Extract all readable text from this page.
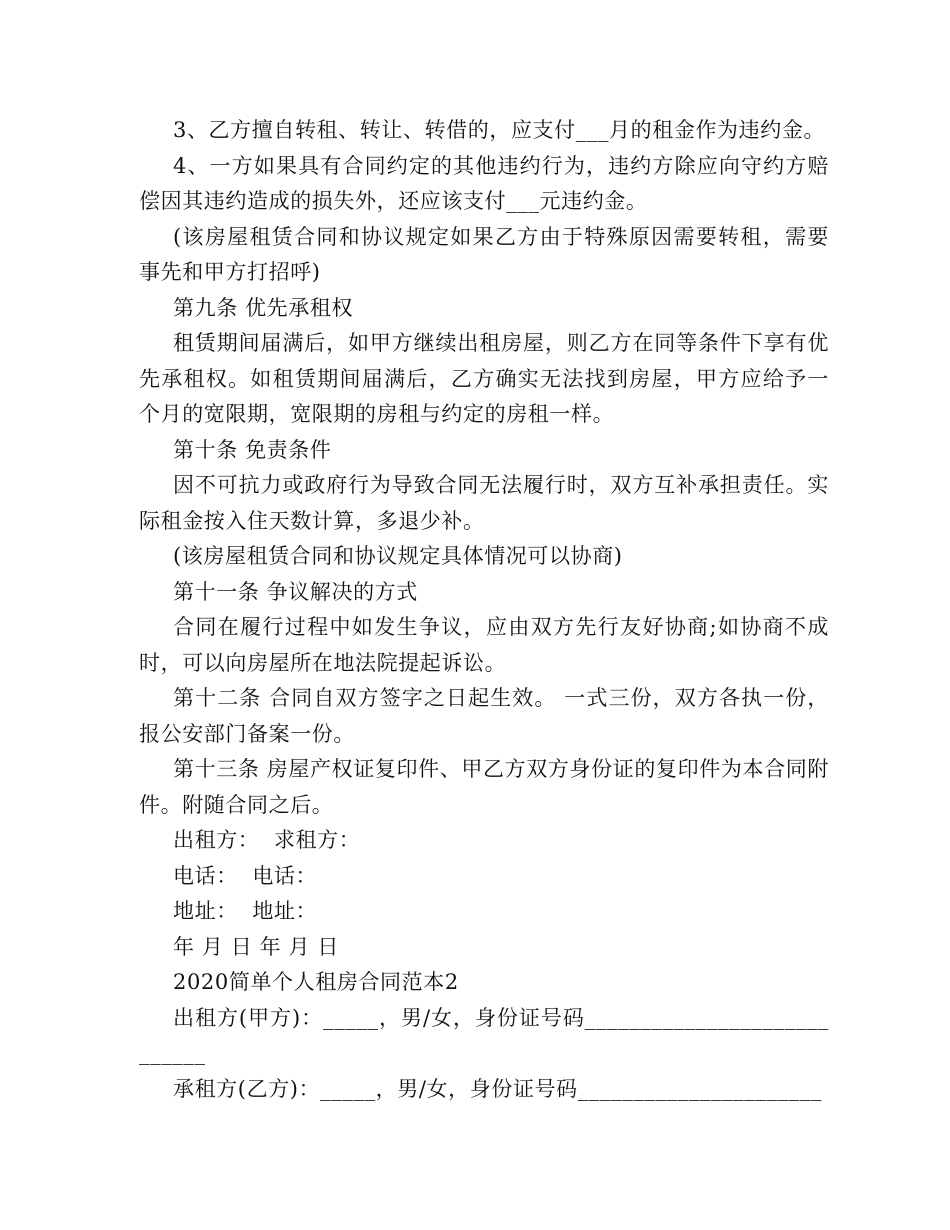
3、乙方擅自转租、转让、转借的，应支付___月的租金作为违约金。

4、一方如果具有合同约定的其他违约行为，违约方除应向守约方赔偿因其违约造成的损失外，还应该支付___元违约金。

(该房屋租赁合同和协议规定如果乙方由于特殊原因需要转租，需要事先和甲方打招呼)

第九条 优先承租权

租赁期间届满后，如甲方继续出租房屋，则乙方在同等条件下享有优先承租权。如租赁期间届满后，乙方确实无法找到房屋，甲方应给予一个月的宽限期，宽限期的房租与约定的房租一样。

第十条 免责条件

因不可抗力或政府行为导致合同无法履行时，双方互补承担责任。实际租金按入住天数计算，多退少补。

(该房屋租赁合同和协议规定具体情况可以协商)

第十一条 争议解决的方式

合同在履行过程中如发生争议，应由双方先行友好协商;如协商不成时，可以向房屋所在地法院提起诉讼。

第十二条 合同自双方签字之日起生效。 一式三份，双方各执一份，报公安部门备案一份。

第十三条 房屋产权证复印件、甲乙方双方身份证的复印件为本合同附件。附随合同之后。

出租方：  求租方：

电话：  电话：

地址：  地址：

年 月 日 年 月 日

2020简单个人租房合同范本2

出租方(甲方)：_____，男/女，身份证号码______________________ ______

承租方(乙方)：_____，男/女，身份证号码______________________
